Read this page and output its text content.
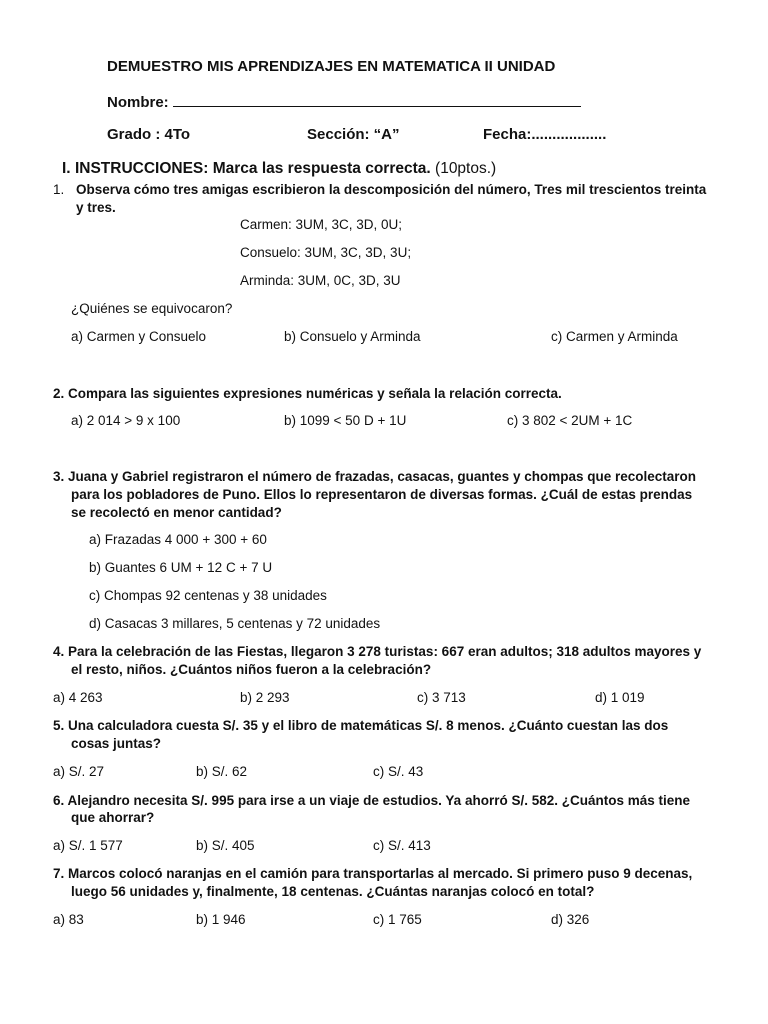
DEMUESTRO MIS APRENDIZAJES EN MATEMATICA II UNIDAD
Nombre:
Grado : 4To	Sección: “A”	Fecha:..................
I. INSTRUCCIONES: Marca las respuesta correcta. (10ptos.)
1. Observa cómo tres amigas escribieron la descomposición del número, Tres mil trescientos treinta
y tres.
Carmen: 3UM, 3C, 3D, 0U;
Consuelo: 3UM, 3C, 3D, 3U;
Arminda: 3UM, 0C, 3D, 3U
¿Quiénes se equivocaron?
a) Carmen y Consuelo	b) Consuelo y Arminda	c) Carmen y Arminda
2. Compara las siguientes expresiones numéricas y señala la relación correcta.
a) 2 014 > 9 x 100	b) 1099 < 50 D + 1U	c) 3 802 < 2UM + 1C
3. Juana y Gabriel registraron el número de frazadas, casacas, guantes y chompas que recolectaron
para los pobladores de Puno. Ellos lo representaron de diversas formas. ¿Cuál de estas prendas
se recolectó en menor cantidad?
a) Frazadas 4 000 + 300 + 60
b) Guantes 6 UM + 12 C + 7 U
c) Chompas 92 centenas y 38 unidades
d) Casacas 3 millares, 5 centenas y 72 unidades
4. Para la celebración de las Fiestas, llegaron 3 278 turistas: 667 eran adultos; 318 adultos mayores y
el resto, niños. ¿Cuántos niños fueron a la celebración?
a) 4 263	b) 2 293	c) 3 713	d) 1 019
5. Una calculadora cuesta S/. 35 y el libro de matemáticas S/. 8 menos. ¿Cuánto cuestan las dos
cosas juntas?
a) S/. 27	b) S/. 62	c) S/. 43
6. Alejandro necesita S/. 995 para irse a un viaje de estudios. Ya ahorró S/. 582. ¿Cuántos más tiene
que ahorrar?
a) S/. 1 577	b) S/. 405	c) S/. 413
7. Marcos colocó naranjas en el camión para transportarlas al mercado. Si primero puso 9 decenas,
luego 56 unidades y, finalmente, 18 centenas. ¿Cuántas naranjas colocó en total?
a) 83	b) 1 946	c) 1 765	d) 326
